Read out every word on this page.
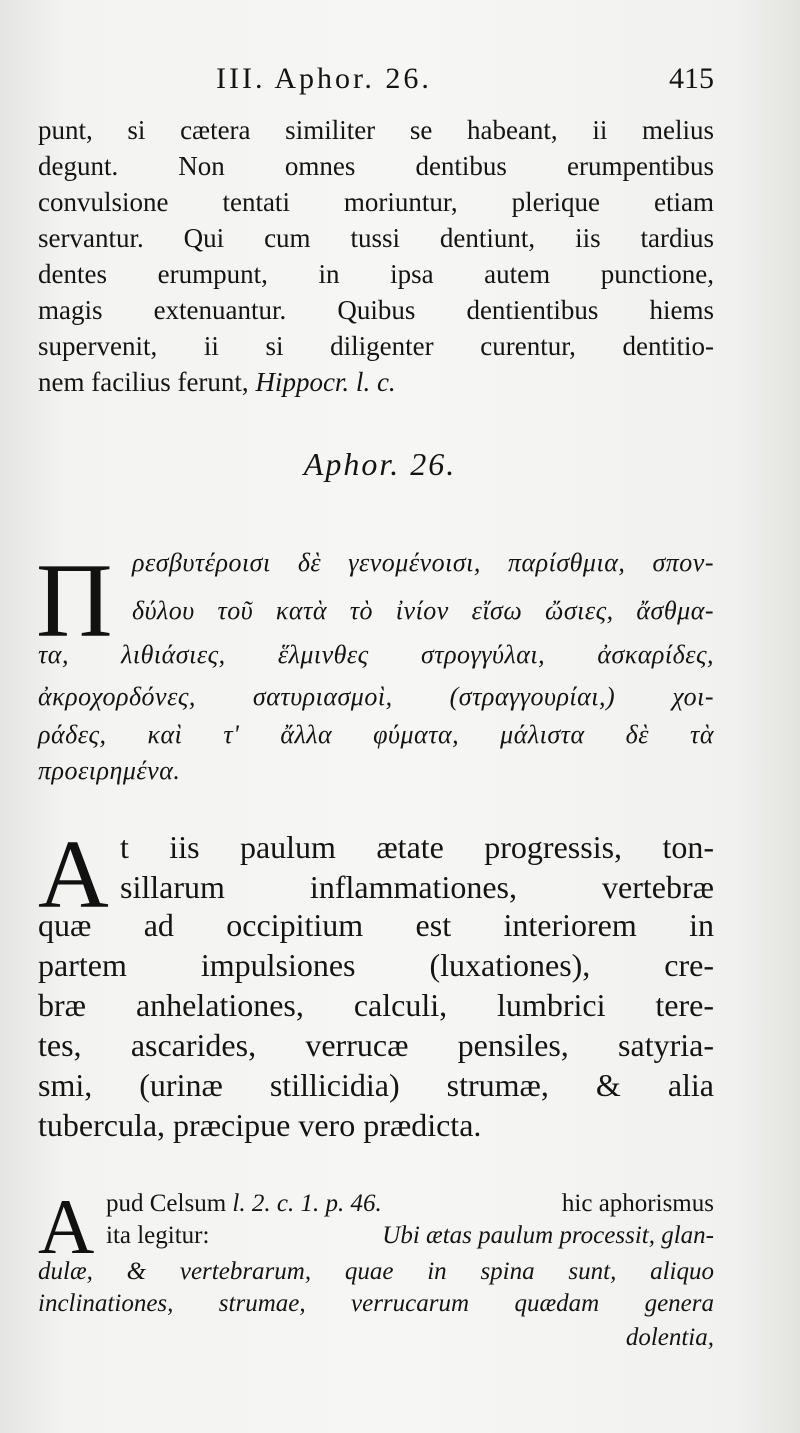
III. Aphor. 26.	415
punt, si cætera similiter se habeant, ii melius
degunt. Non omnes dentibus erumpentibus
convulsione tentati moriuntur, plerique etiam
servantur. Qui cum tussi dentiunt, iis tardius
dentes erumpunt, in ipsa autem punctione,
magis extenuantur. Quibus dentientibus hiems
supervenit, ii si diligenter curentur, dentitio-
nem facilius ferunt, Hippocr. l. c.
Aphor. 26.
Π ρεσβυτέροισι δὲ γενομένοισι, παρίσθμια, σπον-
δύλου τοῦ κατὰ τὸ ἰνίον εἴσω ὤσιες, ἄσθμα-
τα, λιθιάσιες, ἕλμινθες στρογγύλαι, ἀσκαρίδες,
ἀκροχορδόνες, σατυριασμοὶ, (στραγγουρίαι,) χοι-
ράδες, καὶ τ' ἄλλα φύματα, μάλιστα δὲ τὰ
προειρημένα.
A t iis paulum ætate progressis, ton-
sillarum inflammationes, vertebræ
quæ ad occipitium est interiorem in
partem impulsiones (luxationes), cre-
bræ anhelationes, calculi, lumbrici tere-
tes, ascarides, verrucæ pensiles, satyria-
smi, (urinæ stillicidia) strumæ, & alia
tubercula, præcipue vero prædicta.
A pud Celsum l. 2. c. 1. p. 46.	hic aphorismus
ita legitur:	Ubi ætas paulum processit, glan-
dulæ, & vertebrarum, quae in spina sunt, aliquo
inclinationes, strumae, verrucarum quædam genera
dolentia,
